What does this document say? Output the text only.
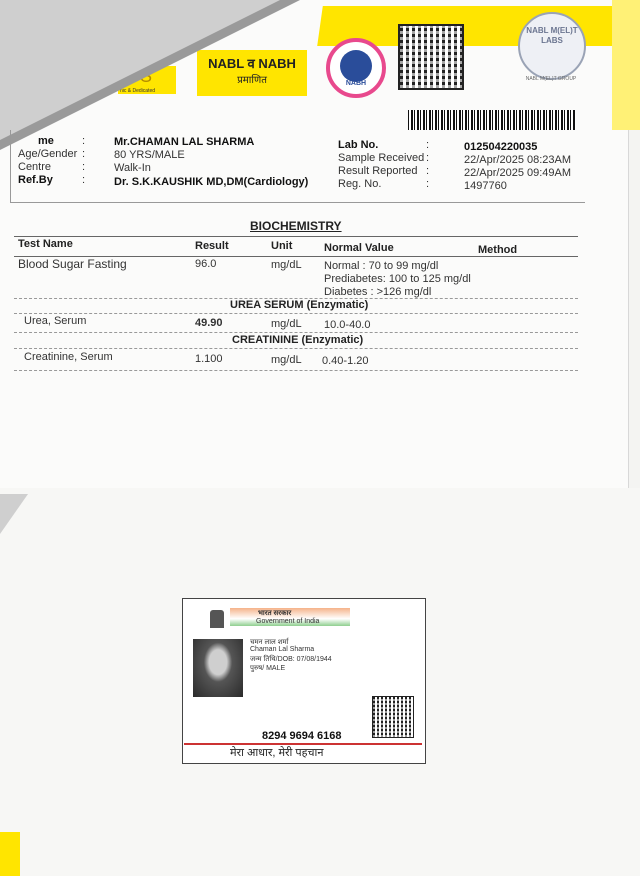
ICS
nic & Dedicated
NABL व NABH
प्रमाणित	NABH
NABL M(EL)T LABS
NABL M(EL)T GROUP
me	:	Mr.CHAMAN LAL SHARMA
Age/Gender :	80 YRS/MALE
Centre	:	Walk-In
Ref.By	:	Dr. S.K.KAUSHIK MD,DM(Cardiology)
Lab No.	:	012504220035
Sample Received :	22/Apr/2025 08:23AM
Result Reported :	22/Apr/2025 09:49AM
Reg. No.	:	1497760
BIOCHEMISTRY
Test Name	Result	Unit	Normal Value	Method
Blood Sugar Fasting	96.0	mg/dL Normal : 70 to 99 mg/dl
Prediabetes: 100 to 125 mg/dl
Diabetes : >126 mg/dl
UREA SERUM (Enzymatic)
Urea, Serum	49.90	mg/dL 10.0-40.0
CREATININE (Enzymatic)
Creatinine, Serum	1.100	mg/dL 0.40-1.20
भारत सरकार
Government of India
चमन लाल शर्मा
Chaman Lal Sharma
जन्म तिथि/DOB: 07/08/1944
पुरुष/ MALE
8294 9694 6168
मेरा आधार, मेरी पहचान
